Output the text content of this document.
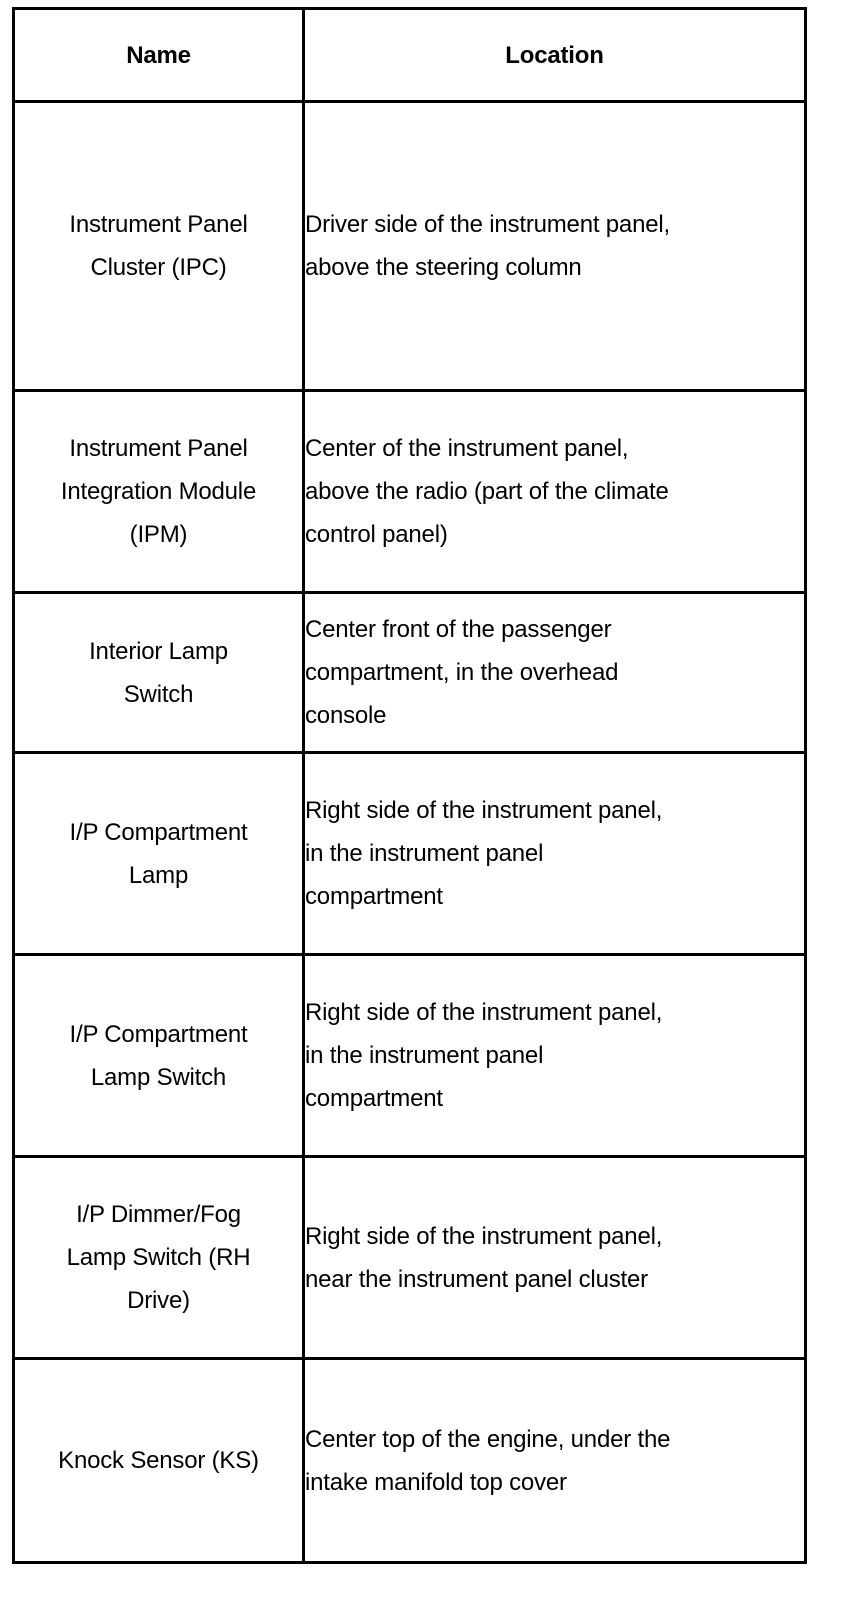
Name	Location

Instrument Panel
Cluster (IPC)	Driver side of the instrument panel,
above the steering column

Instrument Panel
Integration Module
(IPM)	Center of the instrument panel,
above the radio (part of the climate
control panel)

Interior Lamp
Switch	Center front of the passenger
compartment, in the overhead
console

I/P Compartment
Lamp	Right side of the instrument panel,
in the instrument panel
compartment

I/P Compartment
Lamp Switch	Right side of the instrument panel,
in the instrument panel
compartment

I/P Dimmer/Fog
Lamp Switch (RH
Drive)	Right side of the instrument panel,
near the instrument panel cluster

Knock Sensor (KS)	Center top of the engine, under the
intake manifold top cover
